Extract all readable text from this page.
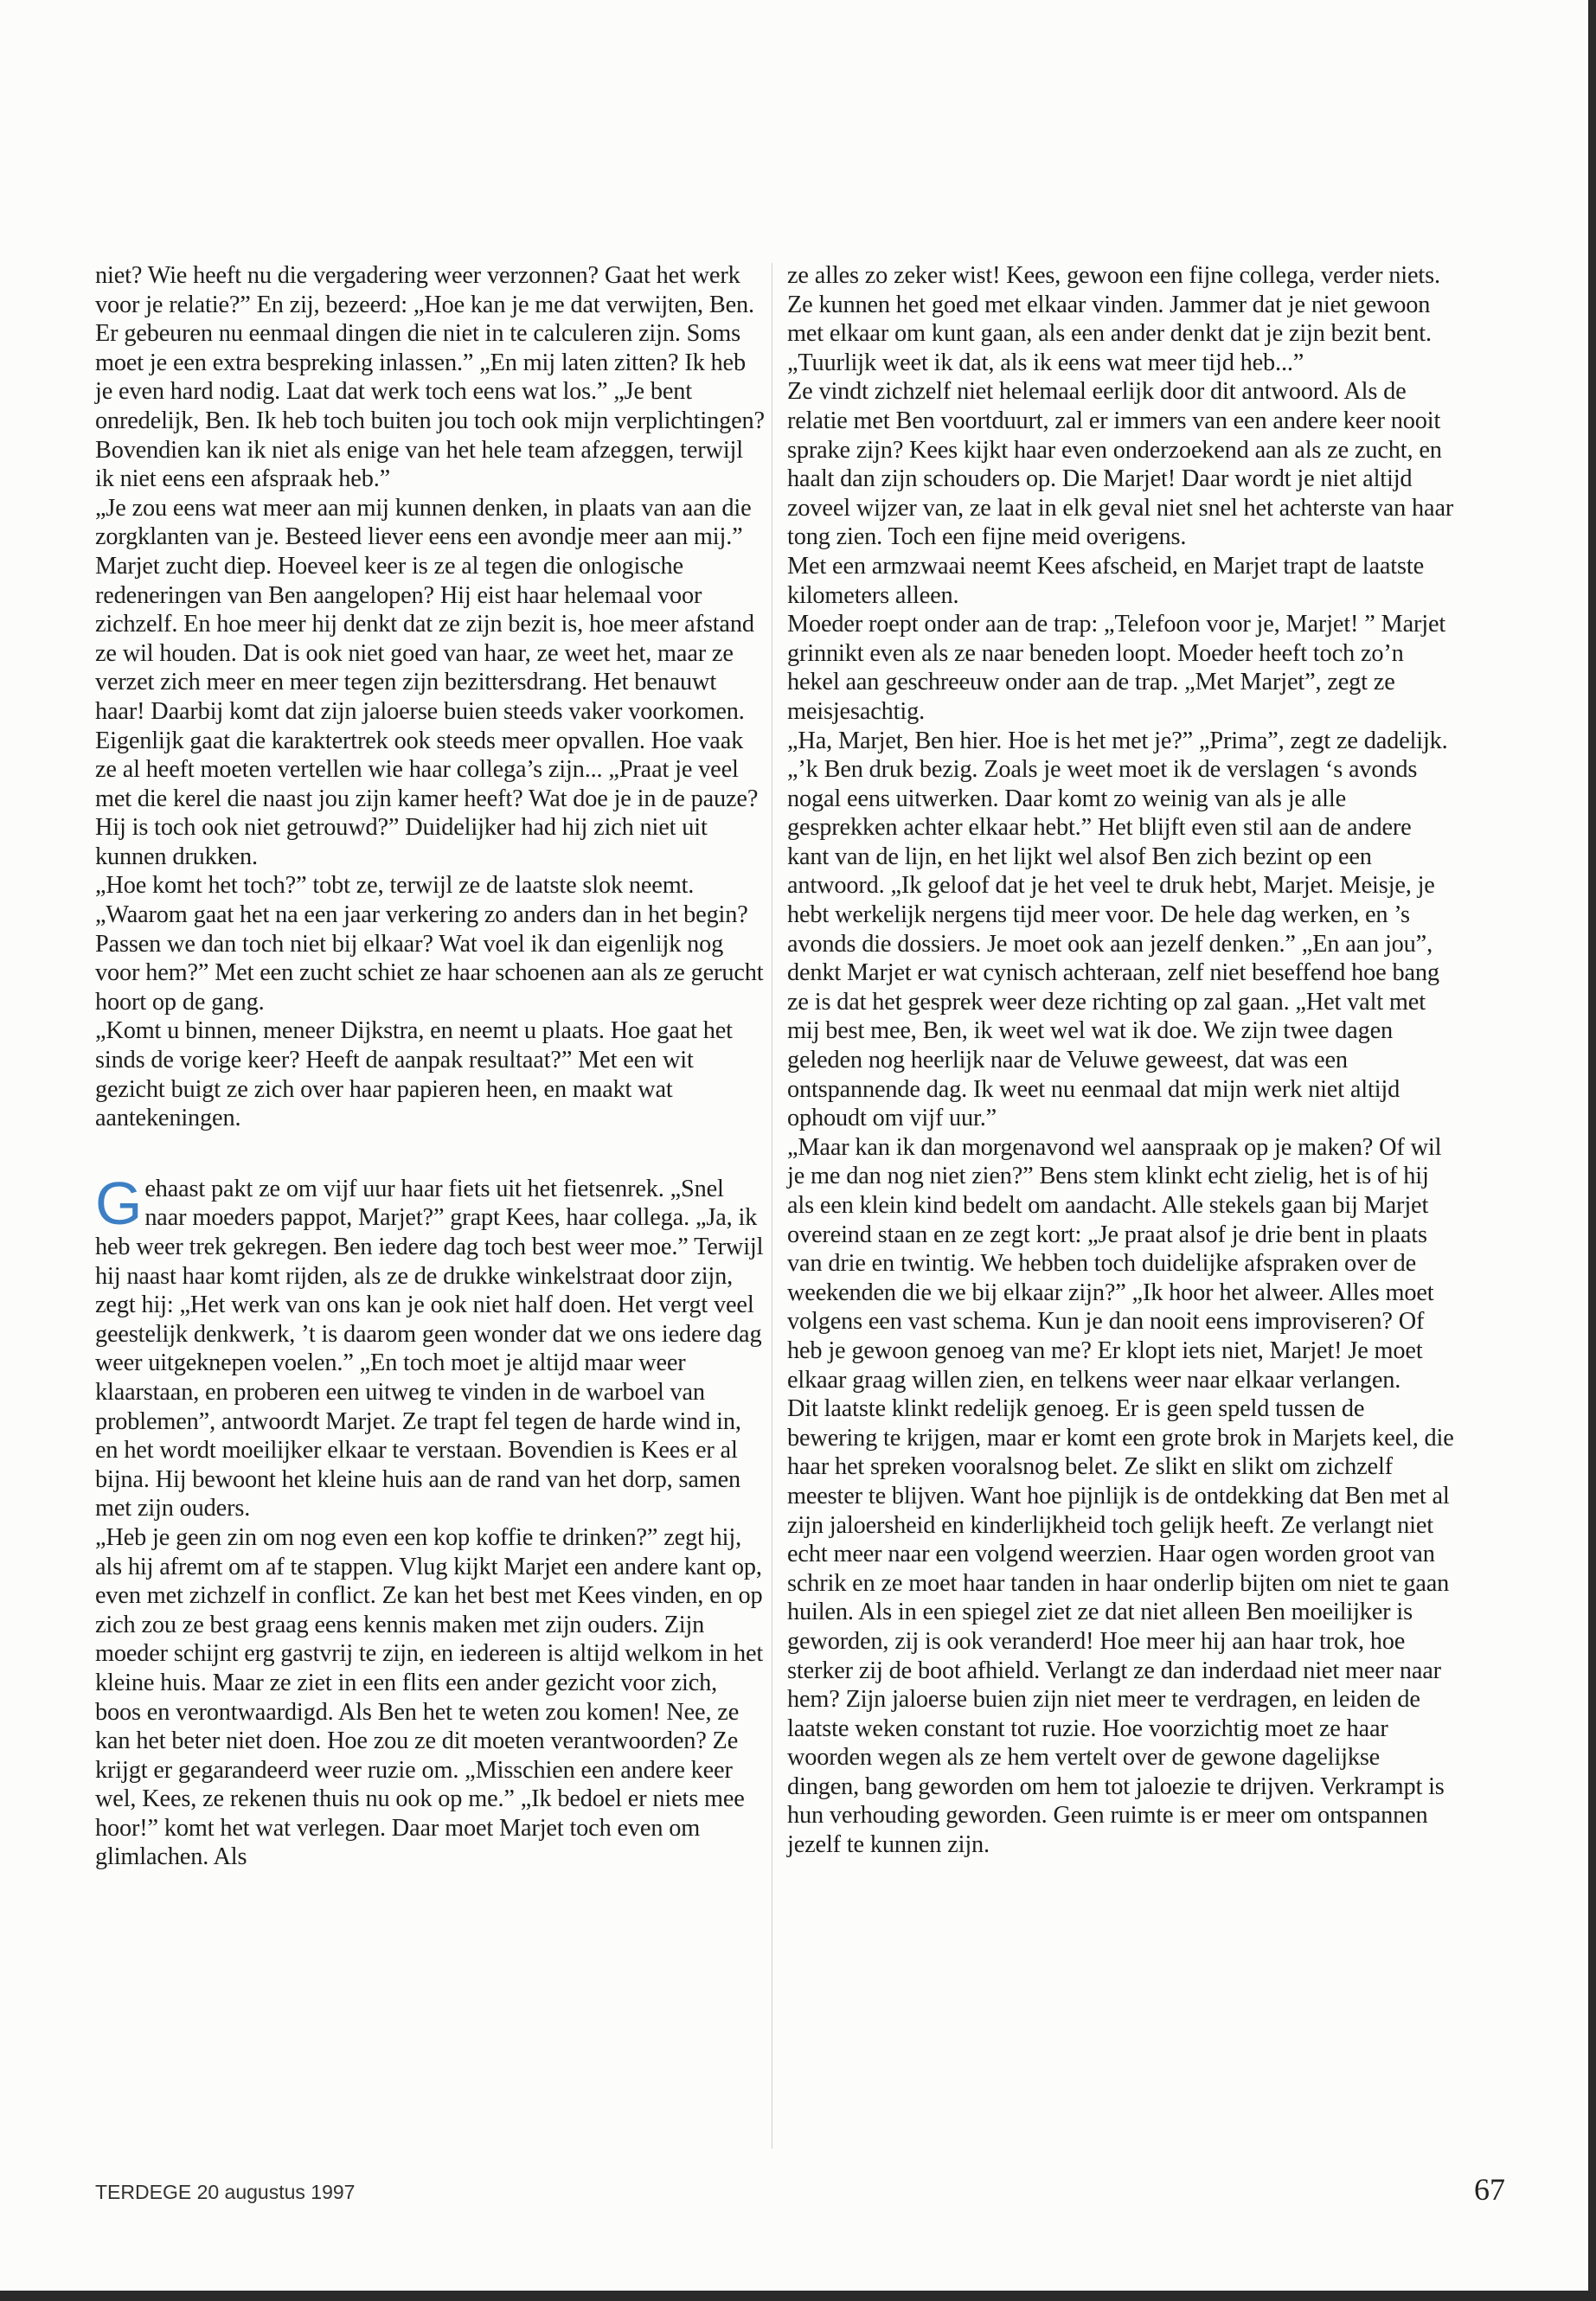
niet? Wie heeft nu die vergadering weer verzonnen? Gaat het werk voor je relatie?” En zij, bezeerd: „Hoe kan je me dat verwijten, Ben. Er gebeuren nu eenmaal dingen die niet in te calculeren zijn. Soms moet je een extra bespreking inlassen.” „En mij laten zitten? Ik heb je even hard nodig. Laat dat werk toch eens wat los.” „Je bent onredelijk, Ben. Ik heb toch buiten jou toch ook mijn verplichtingen? Bovendien kan ik niet als enige van het hele team afzeggen, terwijl ik niet eens een afspraak heb.”

„Je zou eens wat meer aan mij kunnen denken, in plaats van aan die zorgklanten van je. Besteed liever eens een avondje meer aan mij.”

Marjet zucht diep. Hoeveel keer is ze al tegen die onlogische redeneringen van Ben aangelopen? Hij eist haar helemaal voor zichzelf. En hoe meer hij denkt dat ze zijn bezit is, hoe meer afstand ze wil houden. Dat is ook niet goed van haar, ze weet het, maar ze verzet zich meer en meer tegen zijn bezittersdrang. Het benauwt haar! Daarbij komt dat zijn jaloerse buien steeds vaker voorkomen. Eigenlijk gaat die karaktertrek ook steeds meer opvallen. Hoe vaak ze al heeft moeten vertellen wie haar collega’s zijn... „Praat je veel met die kerel die naast jou zijn kamer heeft? Wat doe je in de pauze? Hij is toch ook niet getrouwd?” Duidelijker had hij zich niet uit kunnen drukken.

„Hoe komt het toch?” tobt ze, terwijl ze de laatste slok neemt. „Waarom gaat het na een jaar verkering zo anders dan in het begin? Passen we dan toch niet bij elkaar? Wat voel ik dan eigenlijk nog voor hem?” Met een zucht schiet ze haar schoenen aan als ze gerucht hoort op de gang.

„Komt u binnen, meneer Dijkstra, en neemt u plaats. Hoe gaat het sinds de vorige keer? Heeft de aanpak resultaat?” Met een wit gezicht buigt ze zich over haar papieren heen, en maakt wat aantekeningen.

Gehaast pakt ze om vijf uur haar fiets uit het fietsenrek. „Snel naar moeders pappot, Marjet?” grapt Kees, haar collega. „Ja, ik heb weer trek gekregen. Ben iedere dag toch best weer moe.” Terwijl hij naast haar komt rijden, als ze de drukke winkelstraat door zijn, zegt hij: „Het werk van ons kan je ook niet half doen. Het vergt veel geestelijk denkwerk, ’t is daarom geen wonder dat we ons iedere dag weer uitgeknepen voelen.” „En toch moet je altijd maar weer klaarstaan, en proberen een uitweg te vinden in de warboel van problemen”, antwoordt Marjet. Ze trapt fel tegen de harde wind in, en het wordt moeilijker elkaar te verstaan. Bovendien is Kees er al bijna. Hij bewoont het kleine huis aan de rand van het dorp, samen met zijn ouders.

„Heb je geen zin om nog even een kop koffie te drinken?” zegt hij, als hij afremt om af te stappen. Vlug kijkt Marjet een andere kant op, even met zichzelf in conflict. Ze kan het best met Kees vinden, en op zich zou ze best graag eens kennis maken met zijn ouders. Zijn moeder schijnt erg gastvrij te zijn, en iedereen is altijd welkom in het kleine huis. Maar ze ziet in een flits een ander gezicht voor zich, boos en verontwaardigd. Als Ben het te weten zou komen! Nee, ze kan het beter niet doen. Hoe zou ze dit moeten verantwoorden? Ze krijgt er gegarandeerd weer ruzie om. „Misschien een andere keer wel, Kees, ze rekenen thuis nu ook op me.” „Ik bedoel er niets mee hoor!” komt het wat verlegen. Daar moet Marjet toch even om glimlachen. Als

ze alles zo zeker wist! Kees, gewoon een fijne collega, verder niets. Ze kunnen het goed met elkaar vinden. Jammer dat je niet gewoon met elkaar om kunt gaan, als een ander denkt dat je zijn bezit bent. „Tuurlijk weet ik dat, als ik eens wat meer tijd heb...”

Ze vindt zichzelf niet helemaal eerlijk door dit antwoord. Als de relatie met Ben voortduurt, zal er immers van een andere keer nooit sprake zijn? Kees kijkt haar even onderzoekend aan als ze zucht, en haalt dan zijn schouders op. Die Marjet! Daar wordt je niet altijd zoveel wijzer van, ze laat in elk geval niet snel het achterste van haar tong zien. Toch een fijne meid overigens.

Met een armzwaai neemt Kees afscheid, en Marjet trapt de laatste kilometers alleen.

Moeder roept onder aan de trap: „Telefoon voor je, Marjet! ” Marjet grinnikt even als ze naar beneden loopt. Moeder heeft toch zo’n hekel aan geschreeuw onder aan de trap. „Met Marjet”, zegt ze meisjesachtig.

„Ha, Marjet, Ben hier. Hoe is het met je?” „Prima”, zegt ze dadelijk. „’k Ben druk bezig. Zoals je weet moet ik de verslagen ‘s avonds nogal eens uitwerken. Daar komt zo weinig van als je alle gesprekken achter elkaar hebt.” Het blijft even stil aan de andere kant van de lijn, en het lijkt wel alsof Ben zich bezint op een antwoord. „Ik geloof dat je het veel te druk hebt, Marjet. Meisje, je hebt werkelijk nergens tijd meer voor. De hele dag werken, en ’s avonds die dossiers. Je moet ook aan jezelf denken.” „En aan jou”, denkt Marjet er wat cynisch achteraan, zelf niet beseffend hoe bang ze is dat het gesprek weer deze richting op zal gaan. „Het valt met mij best mee, Ben, ik weet wel wat ik doe. We zijn twee dagen geleden nog heerlijk naar de Veluwe geweest, dat was een ontspannende dag. Ik weet nu eenmaal dat mijn werk niet altijd ophoudt om vijf uur.”

„Maar kan ik dan morgenavond wel aanspraak op je maken? Of wil je me dan nog niet zien?” Bens stem klinkt echt zielig, het is of hij als een klein kind bedelt om aandacht. Alle stekels gaan bij Marjet overeind staan en ze zegt kort: „Je praat alsof je drie bent in plaats van drie en twintig. We hebben toch duidelijke afspraken over de weekenden die we bij elkaar zijn?” „Ik hoor het alweer. Alles moet volgens een vast schema. Kun je dan nooit eens improviseren? Of heb je gewoon genoeg van me? Er klopt iets niet, Marjet! Je moet elkaar graag willen zien, en telkens weer naar elkaar verlangen.

Dit laatste klinkt redelijk genoeg. Er is geen speld tussen de bewering te krijgen, maar er komt een grote brok in Marjets keel, die haar het spreken vooralsnog belet. Ze slikt en slikt om zichzelf meester te blijven. Want hoe pijnlijk is de ontdekking dat Ben met al zijn jaloersheid en kinderlijkheid toch gelijk heeft. Ze verlangt niet echt meer naar een volgend weerzien. Haar ogen worden groot van schrik en ze moet haar tanden in haar onderlip bijten om niet te gaan huilen. Als in een spiegel ziet ze dat niet alleen Ben moeilijker is geworden, zij is ook veranderd! Hoe meer hij aan haar trok, hoe sterker zij de boot afhield. Verlangt ze dan inderdaad niet meer naar hem? Zijn jaloerse buien zijn niet meer te verdragen, en leiden de laatste weken constant tot ruzie. Hoe voorzichtig moet ze haar woorden wegen als ze hem vertelt over de gewone dagelijkse dingen, bang geworden om hem tot jaloezie te drijven. Verkrampt is hun verhouding geworden. Geen ruimte is er meer om ontspannen jezelf te kunnen zijn.

TERDEGE 20 augustus 1997	67
